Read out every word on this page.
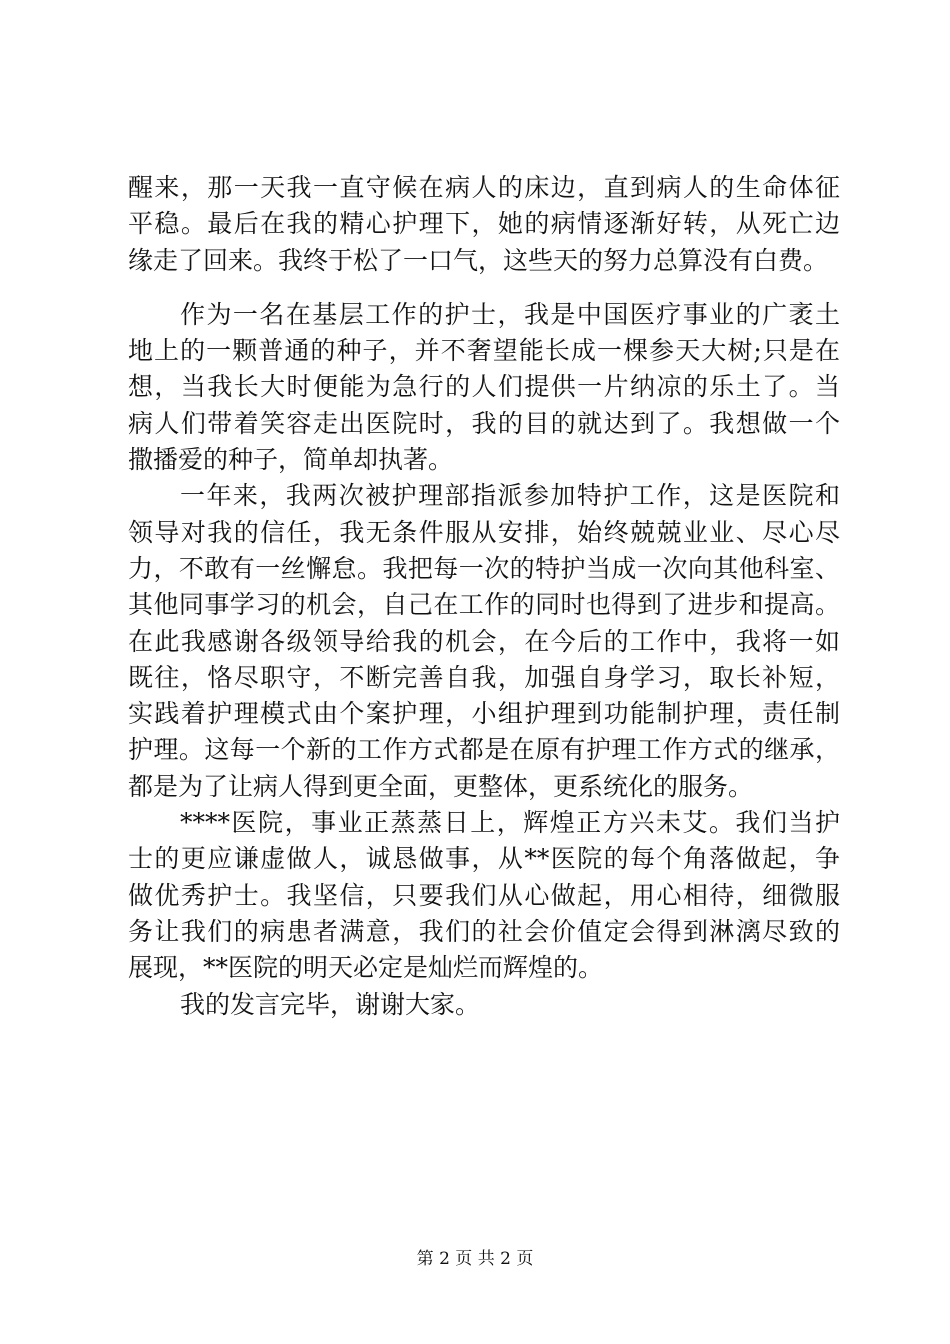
醒来，那一天我一直守候在病人的床边，直到病人的生命体征
平稳。最后在我的精心护理下，她的病情逐渐好转，从死亡边
缘走了回来。我终于松了一口气，这些天的努力总算没有白费。
作为一名在基层工作的护士，我是中国医疗事业的广袤土
地上的一颗普通的种子，并不奢望能长成一棵参天大树;只是在
想，当我长大时便能为急行的人们提供一片纳凉的乐土了。当
病人们带着笑容走出医院时，我的目的就达到了。我想做一个
撒播爱的种子，简单却执著。
一年来，我两次被护理部指派参加特护工作，这是医院和
领导对我的信任，我无条件服从安排，始终兢兢业业、尽心尽
力，不敢有一丝懈怠。我把每一次的特护当成一次向其他科室、
其他同事学习的机会，自己在工作的同时也得到了进步和提高。
在此我感谢各级领导给我的机会，在今后的工作中，我将一如
既往，恪尽职守，不断完善自我，加强自身学习，取长补短，
实践着护理模式由个案护理，小组护理到功能制护理，责任制
护理。这每一个新的工作方式都是在原有护理工作方式的继承，
都是为了让病人得到更全面，更整体，更系统化的服务。
****医院，事业正蒸蒸日上，辉煌正方兴未艾。我们当护
士的更应谦虚做人，诚恳做事，从**医院的每个角落做起，争
做优秀护士。我坚信，只要我们从心做起，用心相待，细微服
务让我们的病患者满意，我们的社会价值定会得到淋漓尽致的
展现，**医院的明天必定是灿烂而辉煌的。
我的发言完毕，谢谢大家。
第 2 页 共 2 页
